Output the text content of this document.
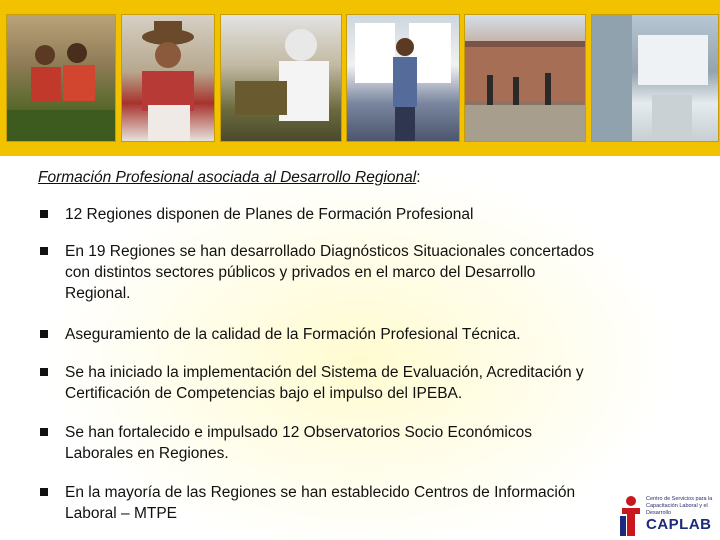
Formación Profesional asociada al Desarrollo Regional:
12 Regiones disponen de Planes de Formación Profesional
En 19 Regiones se han desarrollado Diagnósticos Situacionales concertados
con distintos sectores públicos y privados en el marco del Desarrollo
Regional.
Aseguramiento de la calidad de la Formación Profesional Técnica.
Se ha iniciado la implementación del Sistema de Evaluación, Acreditación y
Certificación de Competencias bajo el impulso del IPEBA.
Se han fortalecido e impulsado 12 Observatorios Socio Económicos
Laborales en Regiones.
En la mayoría de las Regiones se han establecido Centros de Información
Laboral – MTPE
Centro de Servicios para la Capacitación Laboral y el Desarrollo
CAPLAB
